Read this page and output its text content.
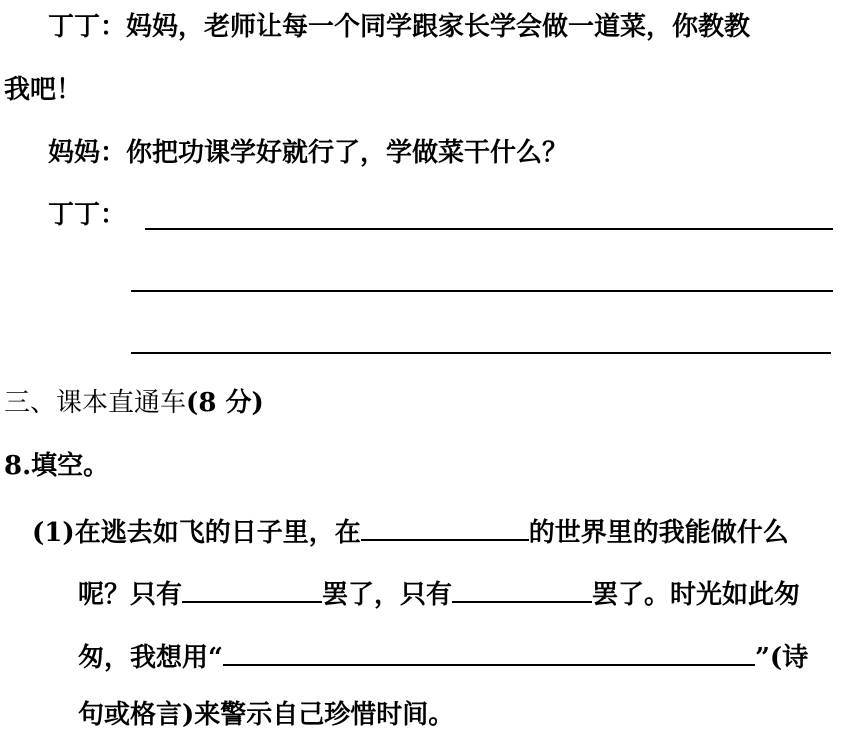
丁丁：妈妈，老师让每一个同学跟家长学会做一道菜，你教教
我吧！
妈妈：你把功课学好就行了，学做菜干什么？
丁丁：
三、课本直通车(8 分)
8.填空。
(1)在逃去如飞的日子里，在	的世界里的我能做什么
呢？只有	罢了，只有	罢了。时光如此匆
匆，我想用“	”(诗
句或格言)来警示自己珍惜时间。
